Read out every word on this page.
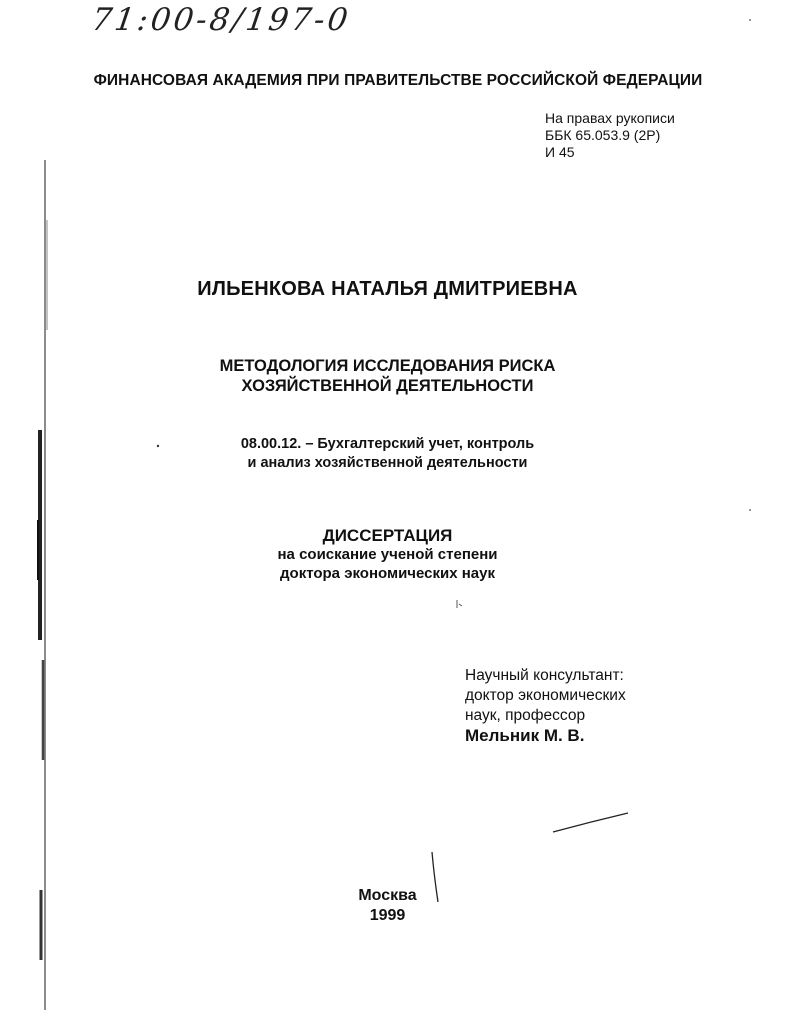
71:00-8/197-0
ФИНАНСОВАЯ АКАДЕМИЯ ПРИ ПРАВИТЕЛЬСТВЕ РОССИЙСКОЙ ФЕДЕРАЦИИ
На правах рукописи
ББК 65.053.9 (2Р)
И 45
ИЛЬЕНКОВА НАТАЛЬЯ ДМИТРИЕВНА
МЕТОДОЛОГИЯ ИССЛЕДОВАНИЯ РИСКА
ХОЗЯЙСТВЕННОЙ ДЕЯТЕЛЬНОСТИ
08.00.12. – Бухгалтерский учет, контроль
и анализ хозяйственной деятельности
ДИССЕРТАЦИЯ
на соискание ученой степени
доктора экономических наук
Научный консультант:
доктор экономических
наук, профессор
Мельник М. В.
Москва
1999
